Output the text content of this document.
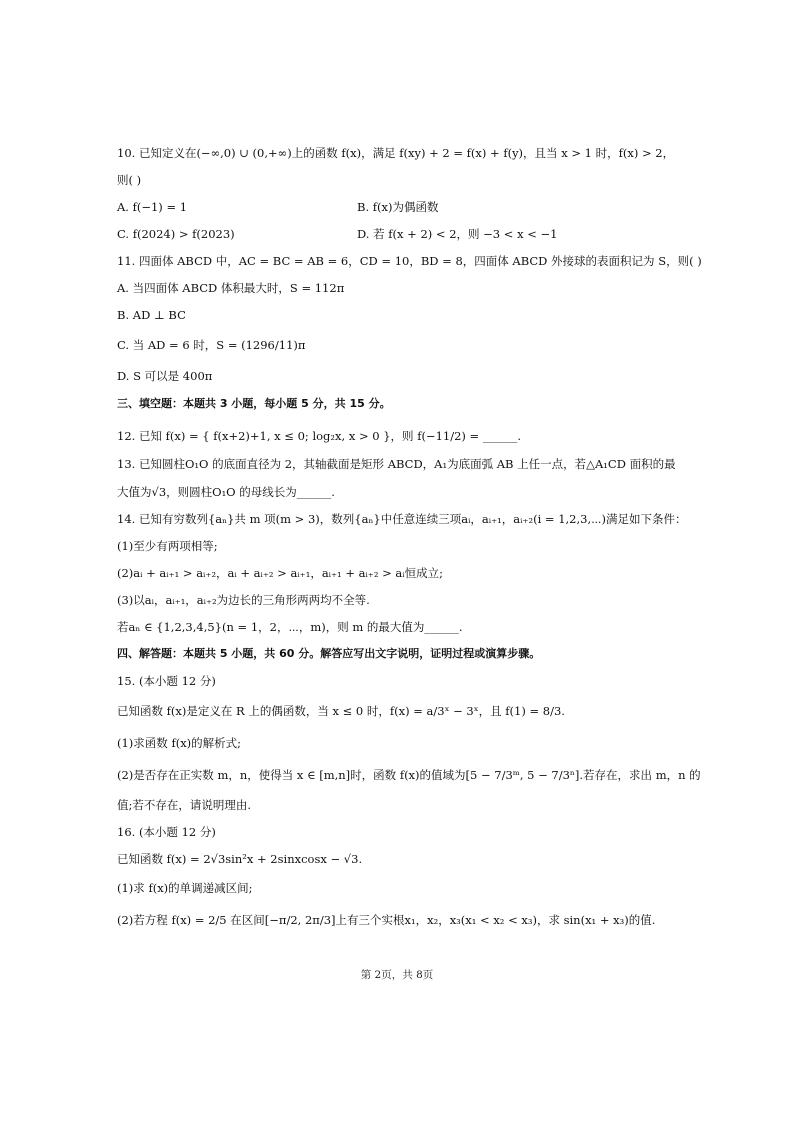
10. 已知定义在(−∞,0) ∪ (0,+∞)上的函数 f(x)，满足 f(xy) + 2 = f(x) + f(y)，且当 x > 1 时，f(x) > 2，
则( )
A. f(−1) = 1	B. f(x)为偶函数
C. f(2024) > f(2023)	D. 若 f(x + 2) < 2，则 −3 < x < −1
11. 四面体 ABCD 中，AC = BC = AB = 6，CD = 10，BD = 8，四面体 ABCD 外接球的表面积记为 S，则( )
A. 当四面体 ABCD 体积最大时，S = 112π
B. AD ⊥ BC
C. 当 AD = 6 时，S = (1296/11)π
D. S 可以是 400π
三、填空题：本题共 3 小题，每小题 5 分，共 15 分。
12. 已知 f(x) = { f(x+2)+1, x ≤ 0; log₂x, x > 0 }，则 f(−11/2) = ______.
13. 已知圆柱O₁O 的底面直径为 2，其轴截面是矩形 ABCD，A₁为底面弧 AB 上任一点，若△A₁CD 面积的最
大值为√3，则圆柱O₁O 的母线长为______.
14. 已知有穷数列{aₙ}共 m 项(m > 3)，数列{aₙ}中任意连续三项aᵢ，aᵢ₊₁，aᵢ₊₂(i = 1,2,3,⋯)满足如下条件：
(1)至少有两项相等;
(2)aᵢ + aᵢ₊₁ > aᵢ₊₂，aᵢ + aᵢ₊₂ > aᵢ₊₁，aᵢ₊₁ + aᵢ₊₂ > aᵢ恒成立;
(3)以aᵢ，aᵢ₊₁，aᵢ₊₂为边长的三角形两两均不全等.
若aₙ ∈ {1,2,3,4,5}(n = 1，2，⋯，m)，则 m 的最大值为______.
四、解答题：本题共 5 小题，共 60 分。解答应写出文字说明，证明过程或演算步骤。
15. (本小题 12 分)
已知函数 f(x)是定义在 R 上的偶函数，当 x ≤ 0 时，f(x) = a/3ˣ − 3ˣ，且 f(1) = 8/3.
(1)求函数 f(x)的解析式;
(2)是否存在正实数 m，n，使得当 x ∈ [m,n]时，函数 f(x)的值域为[5 − 7/3ᵐ, 5 − 7/3ⁿ].若存在，求出 m，n 的
值;若不存在，请说明理由.
16. (本小题 12 分)
已知函数 f(x) = 2√3sin²x + 2sinxcosx − √3.
(1)求 f(x)的单调递减区间;
(2)若方程 f(x) = 2/5 在区间[−π/2, 2π/3]上有三个实根x₁，x₂，x₃(x₁ < x₂ < x₃)，求 sin(x₁ + x₃)的值.
第 2页，共 8页
